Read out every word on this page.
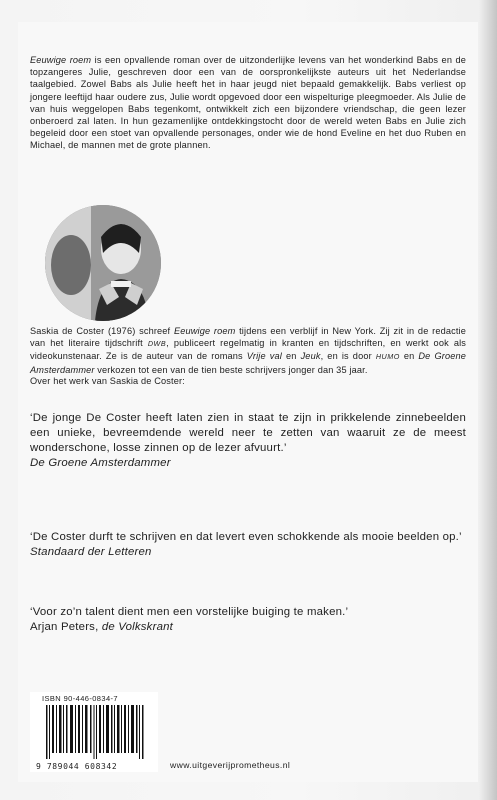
Eeuwige roem is een opvallende roman over de uitzonderlijke levens van het wonderkind Babs en de topzangeres Julie, geschreven door een van de oorspronkelijkste auteurs uit het Nederlandse taalgebied. Zowel Babs als Julie heeft het in haar jeugd niet bepaald gemakkelijk. Babs verliest op jongere leeftijd haar oudere zus, Julie wordt opgevoed door een wispelturige pleegmoeder. Als Julie de van huis weggelopen Babs tegenkomt, ontwikkelt zich een bijzondere vriendschap, die geen lezer onberoerd zal laten. In hun gezamenlijke ontdekkingstocht door de wereld weten Babs en Julie zich begeleid door een stoet van opvallende personages, onder wie de hond Eveline en het duo Ruben en Michael, de mannen met de grote plannen.
Saskia de Coster (1976) schreef Eeuwige roem tijdens een verblijf in New York. Zij zit in de redactie van het literaire tijdschrift DWB, publiceert regelmatig in kranten en tijdschriften, en werkt ook als videokunstenaar. Ze is de auteur van de romans Vrije val en Jeuk, en is door HUMO en De Groene Amsterdammer verkozen tot een van de tien beste schrijvers jonger dan 35 jaar.
Over het werk van Saskia de Coster:
‘De jonge De Coster heeft laten zien in staat te zijn in prikkelende zinnebeelden een unieke, bevreemdende wereld neer te zetten van waaruit ze de meest wonderschone, losse zinnen op de lezer afvuurt.’
De Groene Amsterdammer
‘De Coster durft te schrijven en dat levert even schokkende als mooie beelden op.’
Standaard der Letteren
‘Voor zo’n talent dient men een vorstelijke buiging te maken.’
Arjan Peters, de Volkskrant
ISBN 90-446-0834-7
9 789044 608342	www.uitgeverijprometheus.nl
